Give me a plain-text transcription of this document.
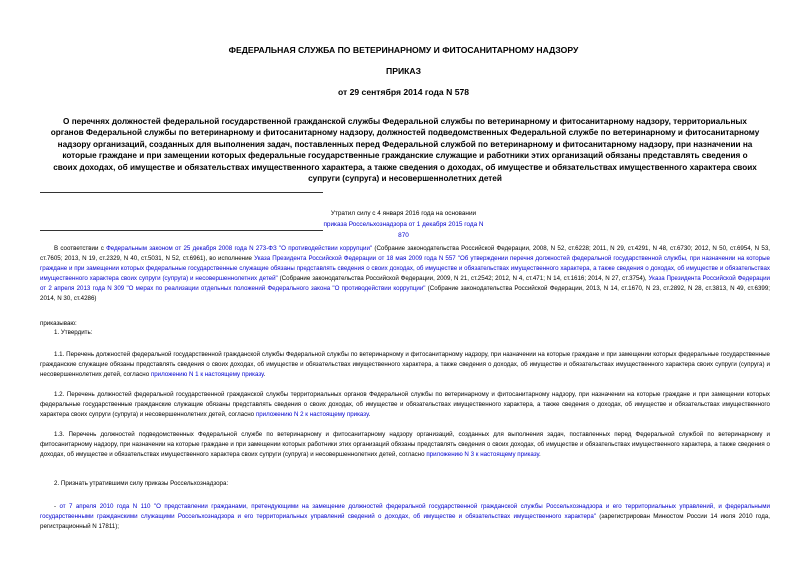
ФЕДЕРАЛЬНАЯ СЛУЖБА ПО ВЕТЕРИНАРНОМУ И ФИТОСАНИТАРНОМУ НАДЗОРУ
ПРИКАЗ
от 29 сентября 2014 года N 578
О перечнях должностей федеральной государственной гражданской службы Федеральной службы по ветеринарному и фитосанитарному надзору, территориальных органов Федеральной службы по ветеринарному и фитосанитарному надзору, должностей подведомственных Федеральной службе по ветеринарному и фитосанитарному надзору организаций, созданных для выполнения задач, поставленных перед Федеральной службой по ветеринарному и фитосанитарному надзору, при назначении на которые граждане и при замещении которых федеральные государственные гражданские служащие и работники этих организаций обязаны представлять сведения о своих доходах, об имуществе и обязательствах имущественного характера, а также сведения о доходах, об имуществе и обязательствах имущественного характера своих супруги (супруга) и несовершеннолетних детей
Утратил силу с 4 января 2016 года на основании
приказа Россельхознадзора от 1 декабря 2015 года N 870
В соответствии с Федеральным законом от 25 декабря 2008 года N 273-ФЗ "О противодействии коррупции" (Собрание законодательства Российской Федерации, 2008, N 52, ст.6228; 2011, N 29, ст.4291, N 48, ст.6730; 2012, N 50, ст.6954, N 53, ст.7605; 2013, N 19, ст.2329, N 40, ст.5031, N 52, ст.6961), во исполнение Указа Президента Российской Федерации от 18 мая 2009 года N 557 "Об утверждении перечня должностей федеральной государственной службы, при назначении на которые граждане и при замещении которых федеральные государственные служащие обязаны представлять сведения о своих доходах, об имуществе и обязательствах имущественного характера, а также сведения о доходах, об имуществе и обязательствах имущественного характера своих супруги (супруга) и несовершеннолетних детей" (Собрание законодательства Российской Федерации, 2009, N 21, ст.2542; 2012, N 4, ст.471; N 14, ст.1616; 2014, N 27, ст.3754), Указа Президента Российской Федерации от 2 апреля 2013 года N 309 "О мерах по реализации отдельных положений Федерального закона "О противодействии коррупции" (Собрание законодательства Российской Федерации, 2013, N 14, ст.1670, N 23, ст.2892, N 28, ст.3813, N 49, ст.6399; 2014, N 30, ст.4286)
приказываю:
1. Утвердить:
1.1. Перечень должностей федеральной государственной гражданской службы Федеральной службы по ветеринарному и фитосанитарному надзору, при назначении на которые граждане и при замещении которых федеральные государственные гражданские служащие обязаны представлять сведения о своих доходах, об имуществе и обязательствах имущественного характера, а также сведения о доходах, об имуществе и обязательствах имущественного характера своих супруги (супруга) и несовершеннолетних детей, согласно приложению N 1 к настоящему приказу.
1.2. Перечень должностей федеральной государственной гражданской службы территориальных органов Федеральной службы по ветеринарному и фитосанитарному надзору, при назначении на которые граждане и при замещении которых федеральные государственные гражданские служащие обязаны представлять сведения о своих доходах, об имуществе и обязательствах имущественного характера, а также сведения о доходах, об имуществе и обязательствах имущественного характера своих супруги (супруга) и несовершеннолетних детей, согласно приложению N 2 к настоящему приказу.
1.3. Перечень должностей подведомственных Федеральной службе по ветеринарному и фитосанитарному надзору организаций, созданных для выполнения задач, поставленных перед Федеральной службой по ветеринарному и фитосанитарному надзору, при назначении на которые граждане и при замещении которых работники этих организаций обязаны представлять сведения о своих доходах, об имуществе и обязательствах имущественного характера, а также сведения о доходах, об имуществе и обязательствах имущественного характера своих супруги (супруга) и несовершеннолетних детей, согласно приложению N 3 к настоящему приказу.
2. Признать утратившими силу приказы Россельхознадзора:
- от 7 апреля 2010 года N 110 "О представлении гражданами, претендующими на замещение должностей федеральной государственной гражданской службы Россельхознадзора и его территориальных управлений, и федеральными государственными гражданскими служащими Россельхознадзора и его территориальных управлений сведений о доходах, об имуществе и обязательствах имущественного характера" (зарегистрирован Минюстом России 14 июля 2010 года, регистрационный N 17811);
